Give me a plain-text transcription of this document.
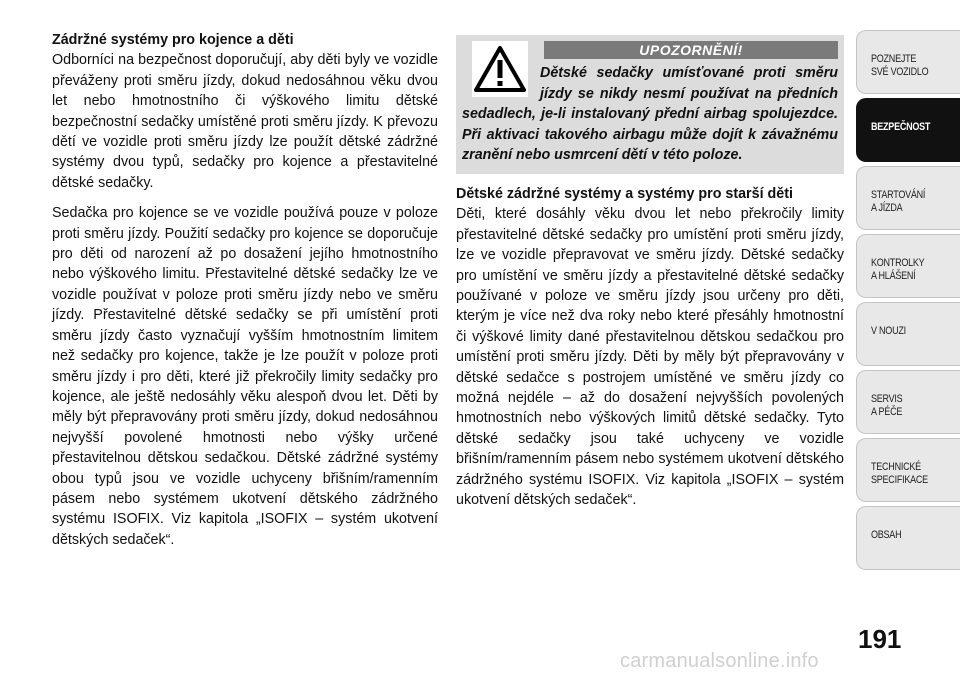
Zádržné systémy pro kojence a děti

Odborníci na bezpečnost doporučují, aby děti byly ve vozidle převáženy proti směru jízdy, dokud nedosáhnou věku dvou let nebo hmotnostního či výškového limitu dětské bezpečnostní sedačky umístěné proti směru jízdy. K převozu dětí ve vozidle proti směru jízdy lze použít dětské zádržné systémy dvou typů, sedačky pro kojence a přestavitelné dětské sedačky.

Sedačka pro kojence se ve vozidle používá pouze v poloze proti směru jízdy. Použití sedačky pro kojence se doporučuje pro děti od narození až po dosažení jejího hmotnostního nebo výškového limitu. Přestavitelné dětské sedačky lze ve vozidle používat v poloze proti směru jízdy nebo ve směru jízdy. Přestavitelné dětské sedačky se při umístění proti směru jízdy často vyznačují vyšším hmotnostním limitem než sedačky pro kojence, takže je lze použít v poloze proti směru jízdy i pro děti, které již překročily limity sedačky pro kojence, ale ještě nedosáhly věku alespoň dvou let. Děti by měly být přepravovány proti směru jízdy, dokud nedosáhnou nejvyšší povolené hmotnosti nebo výšky určené přestavitelnou dětskou sedačkou. Dětské zádržné systémy obou typů jsou ve vozidle uchyceny břišním/ramenním pásem nebo systémem ukotvení dětského zádržného systému ISOFIX. Viz kapitola „ISOFIX – systém ukotvení dětských sedaček“.

UPOZORNĚNÍ!
Dětské sedačky umísťované proti směru jízdy se nikdy nesmí používat na předních sedadlech, je-li instalovaný přední airbag spolujezdce. Při aktivaci takového airbagu může dojít k závažnému zranění nebo usmrcení dětí v této poloze.

Dětské zádržné systémy a systémy pro starší děti

Děti, které dosáhly věku dvou let nebo překročily limity přestavitelné dětské sedačky pro umístění proti směru jízdy, lze ve vozidle přepravovat ve směru jízdy. Dětské sedačky pro umístění ve směru jízdy a přestavitelné dětské sedačky používané v poloze ve směru jízdy jsou určeny pro děti, kterým je více než dva roky nebo které přesáhly hmotnostní či výškové limity dané přestavitelnou dětskou sedačkou pro umístění proti směru jízdy. Děti by měly být přepravovány v dětské sedačce s postrojem umístěné ve směru jízdy co možná nejdéle – až do dosažení nejvyšších povolených hmotnostních nebo výškových limitů dětské sedačky. Tyto dětské sedačky jsou také uchyceny ve vozidle břišním/ramenním pásem nebo systémem ukotvení dětského zádržného systému ISOFIX. Viz kapitola „ISOFIX – systém ukotvení dětských sedaček“.

POZNEJTE
SVÉ VOZIDLO
BEZPEČNOST
STARTOVÁNÍ
A JÍZDA
KONTROLKY
A HLÁŠENÍ
V NOUZI
SERVIS
A PÉČE
TECHNICKÉ
SPECIFIKACE
OBSAH
191
carmanualsonline.info
